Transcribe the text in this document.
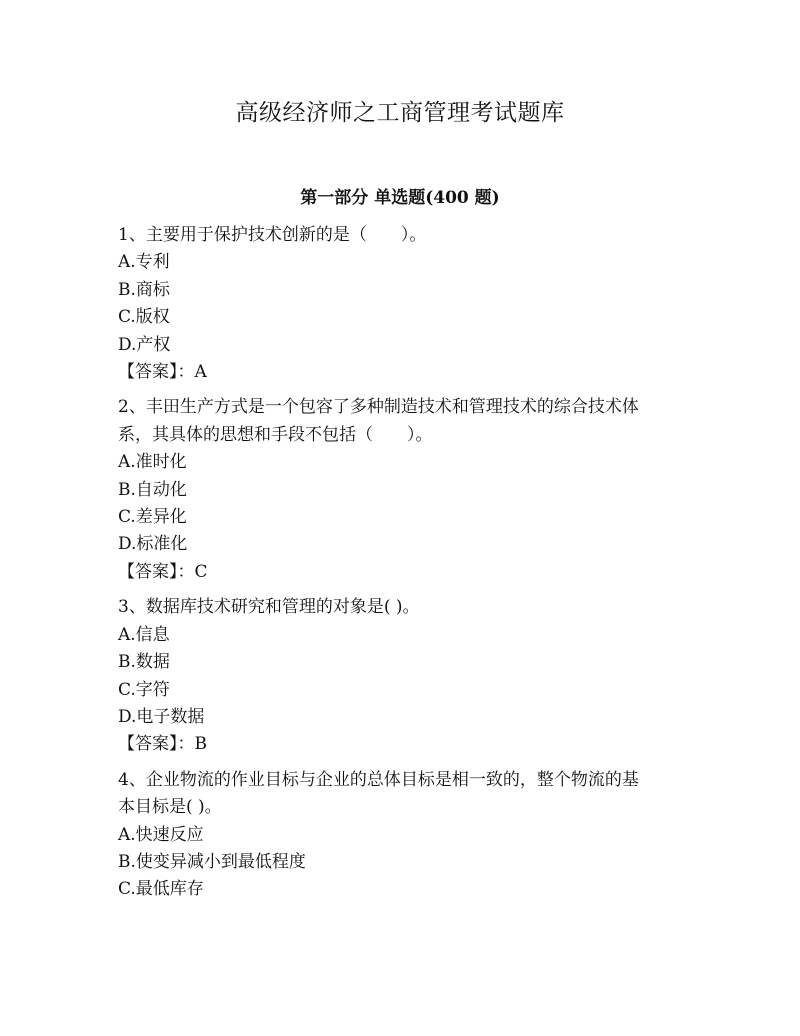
高级经济师之工商管理考试题库
第一部分 单选题(400 题)
1、主要用于保护技术创新的是（　　）。
A.专利
B.商标
C.版权
D.产权
【答案】：A
2、丰田生产方式是一个包容了多种制造技术和管理技术的综合技术体
系，其具体的思想和手段不包括（　　）。
A.准时化
B.自动化
C.差异化
D.标准化
【答案】：C
3、数据库技术研究和管理的对象是( )。
A.信息
B.数据
C.字符
D.电子数据
【答案】：B
4、企业物流的作业目标与企业的总体目标是相一致的，整个物流的基
本目标是( )。
A.快速反应
B.使变异减小到最低程度
C.最低库存
